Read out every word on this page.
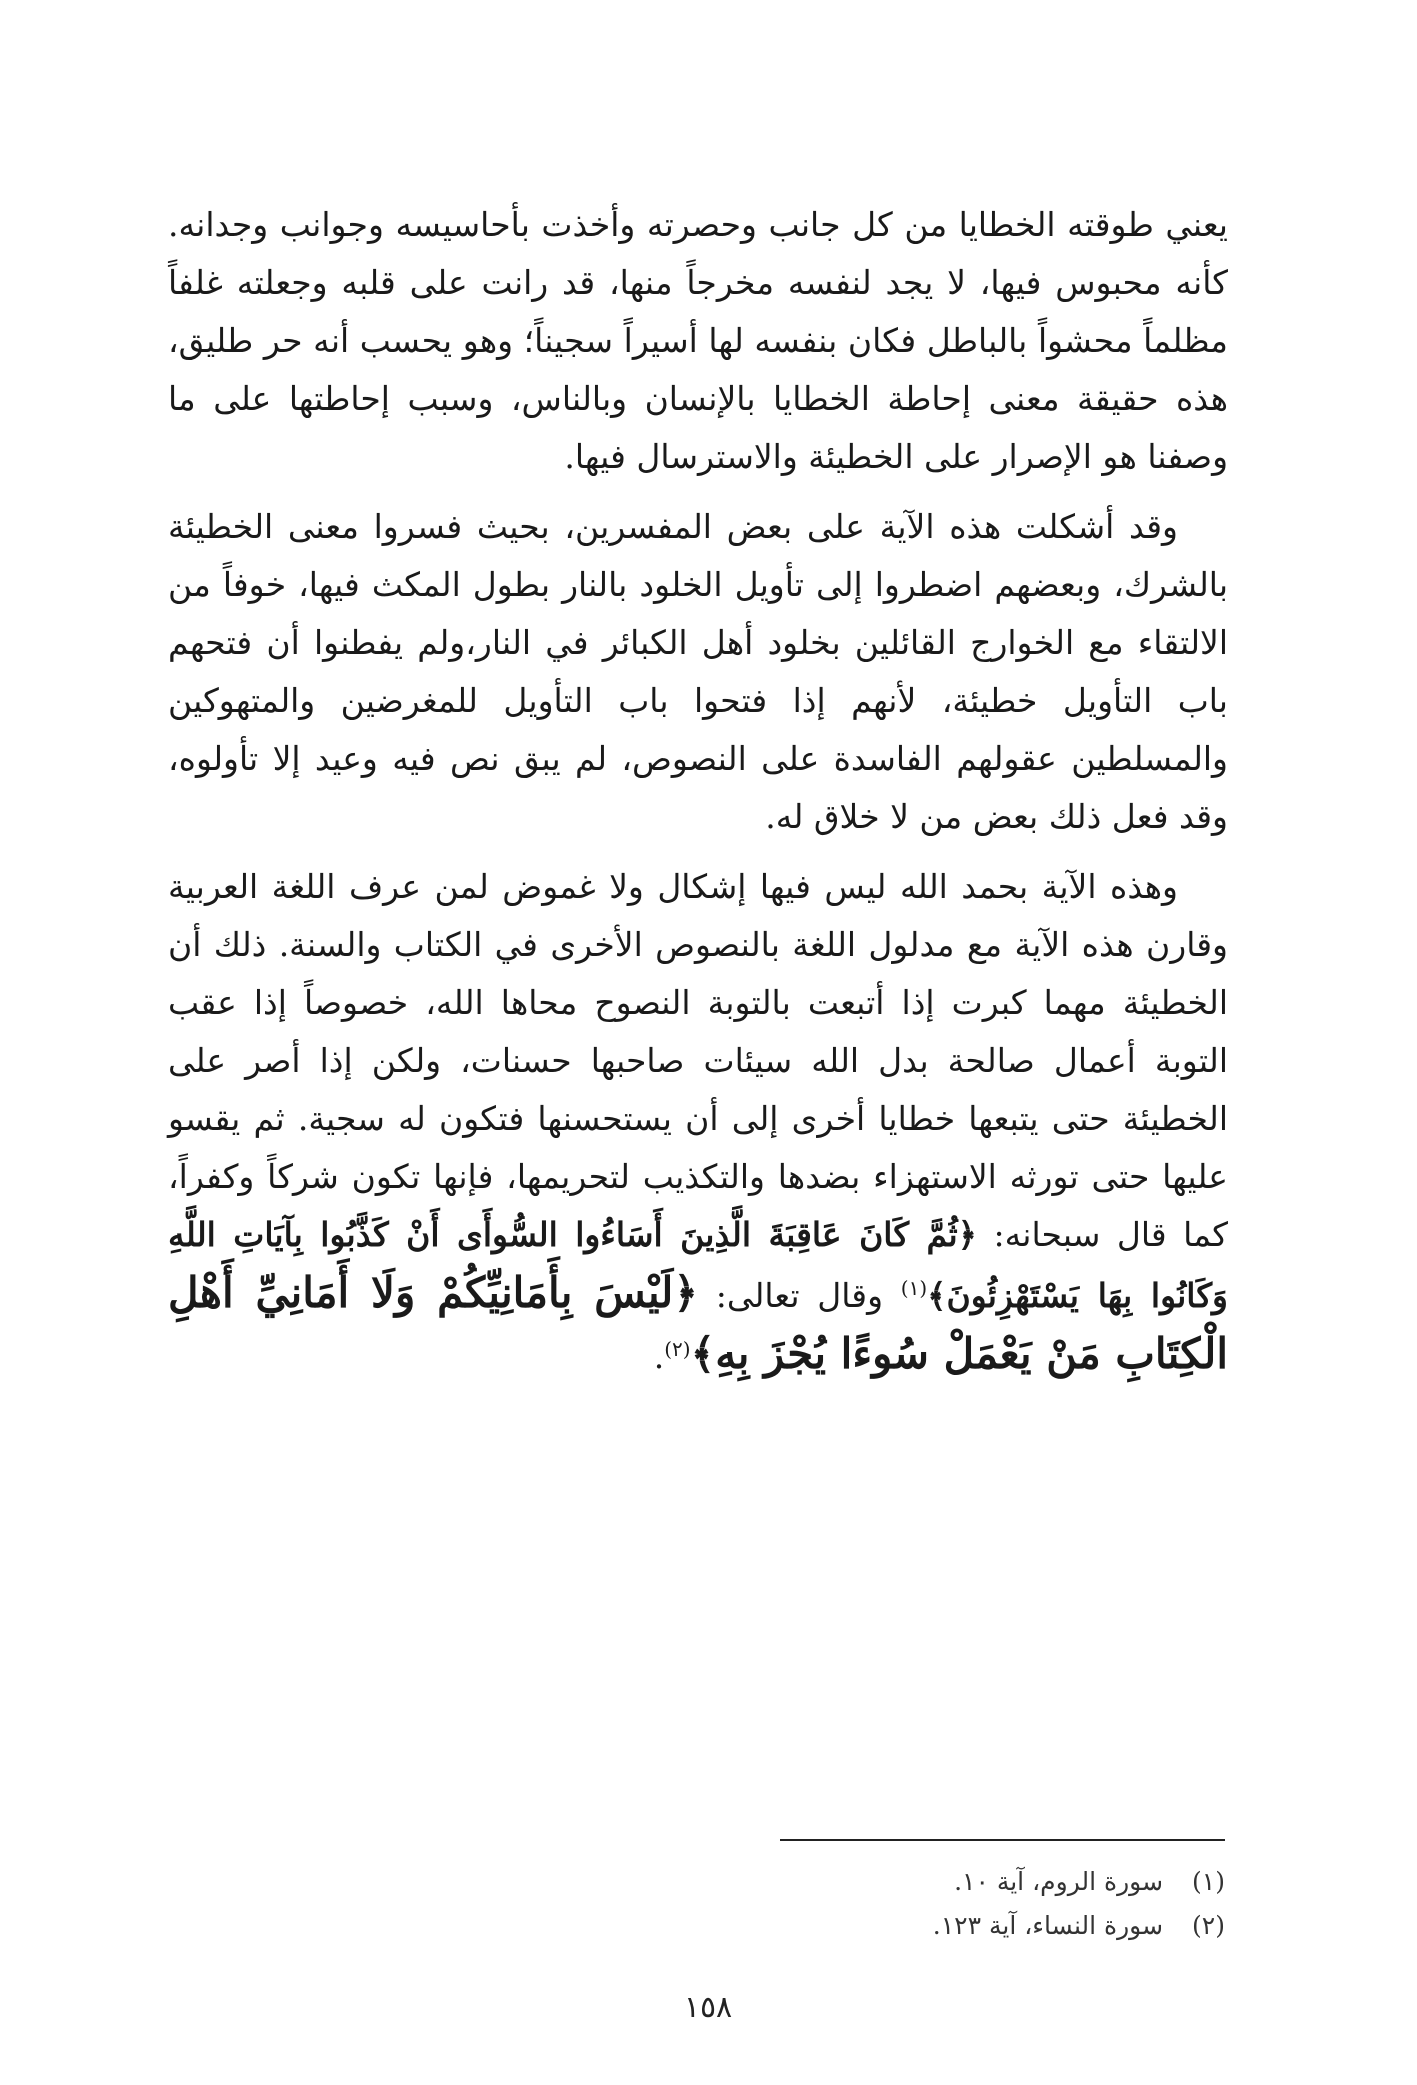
يعني طوقته الخطايا من كل جانب وحصرته وأخذت بأحاسيسه وجوانب وجدانه. كأنه محبوس فيها، لا يجد لنفسه مخرجاً منها، قد رانت على قلبه وجعلته غلفاً مظلماً محشواً بالباطل فكان بنفسه لها أسيراً سجيناً؛ وهو يحسب أنه حر طليق، هذه حقيقة معنى إحاطة الخطايا بالإنسان وبالناس، وسبب إحاطتها على ما وصفنا هو الإصرار على الخطيئة والاسترسال فيها.

وقد أشكلت هذه الآية على بعض المفسرين، بحيث فسروا معنى الخطيئة بالشرك، وبعضهم اضطروا إلى تأويل الخلود بالنار بطول المكث فيها، خوفاً من الالتقاء مع الخوارج القائلين بخلود أهل الكبائر في النار،ولم يفطنوا أن فتحهم باب التأويل خطيئة، لأنهم إذا فتحوا باب التأويل للمغرضين والمتهوكين والمسلطين عقولهم الفاسدة على النصوص، لم يبق نص فيه وعيد إلا تأولوه، وقد فعل ذلك بعض من لا خلاق له.

وهذه الآية بحمد الله ليس فيها إشكال ولا غموض لمن عرف اللغة العربية وقارن هذه الآية مع مدلول اللغة بالنصوص الأخرى في الكتاب والسنة. ذلك أن الخطيئة مهما كبرت إذا أتبعت بالتوبة النصوح محاها الله، خصوصاً إذا عقب التوبة أعمال صالحة بدل الله سيئات صاحبها حسنات، ولكن إذا أصر على الخطيئة حتى يتبعها خطايا أخرى إلى أن يستحسنها فتكون له سجية. ثم يقسو عليها حتى تورثه الاستهزاء بضدها والتكذيب لتحريمها، فإنها تكون شركاً وكفراً، كما قال سبحانه: ﴿ثُمَّ كَانَ عَاقِبَةَ الَّذِينَ أَسَاءُوا السُّوأَى أَنْ كَذَّبُوا بِآيَاتِ اللَّهِ وَكَانُوا بِهَا يَسْتَهْزِئُونَ﴾$^{(١)}$ وقال تعالى: ﴿لَيْسَ بِأَمَانِيِّكُمْ وَلَا أَمَانِيِّ أَهْلِ الْكِتَابِ مَنْ يَعْمَلْ سُوءًا يُجْزَ بِهِ﴾$^{(٢)}$.

(١) سورة الروم، آية ١٠.
(٢) سورة النساء، آية ١٢٣.
١٥٨
